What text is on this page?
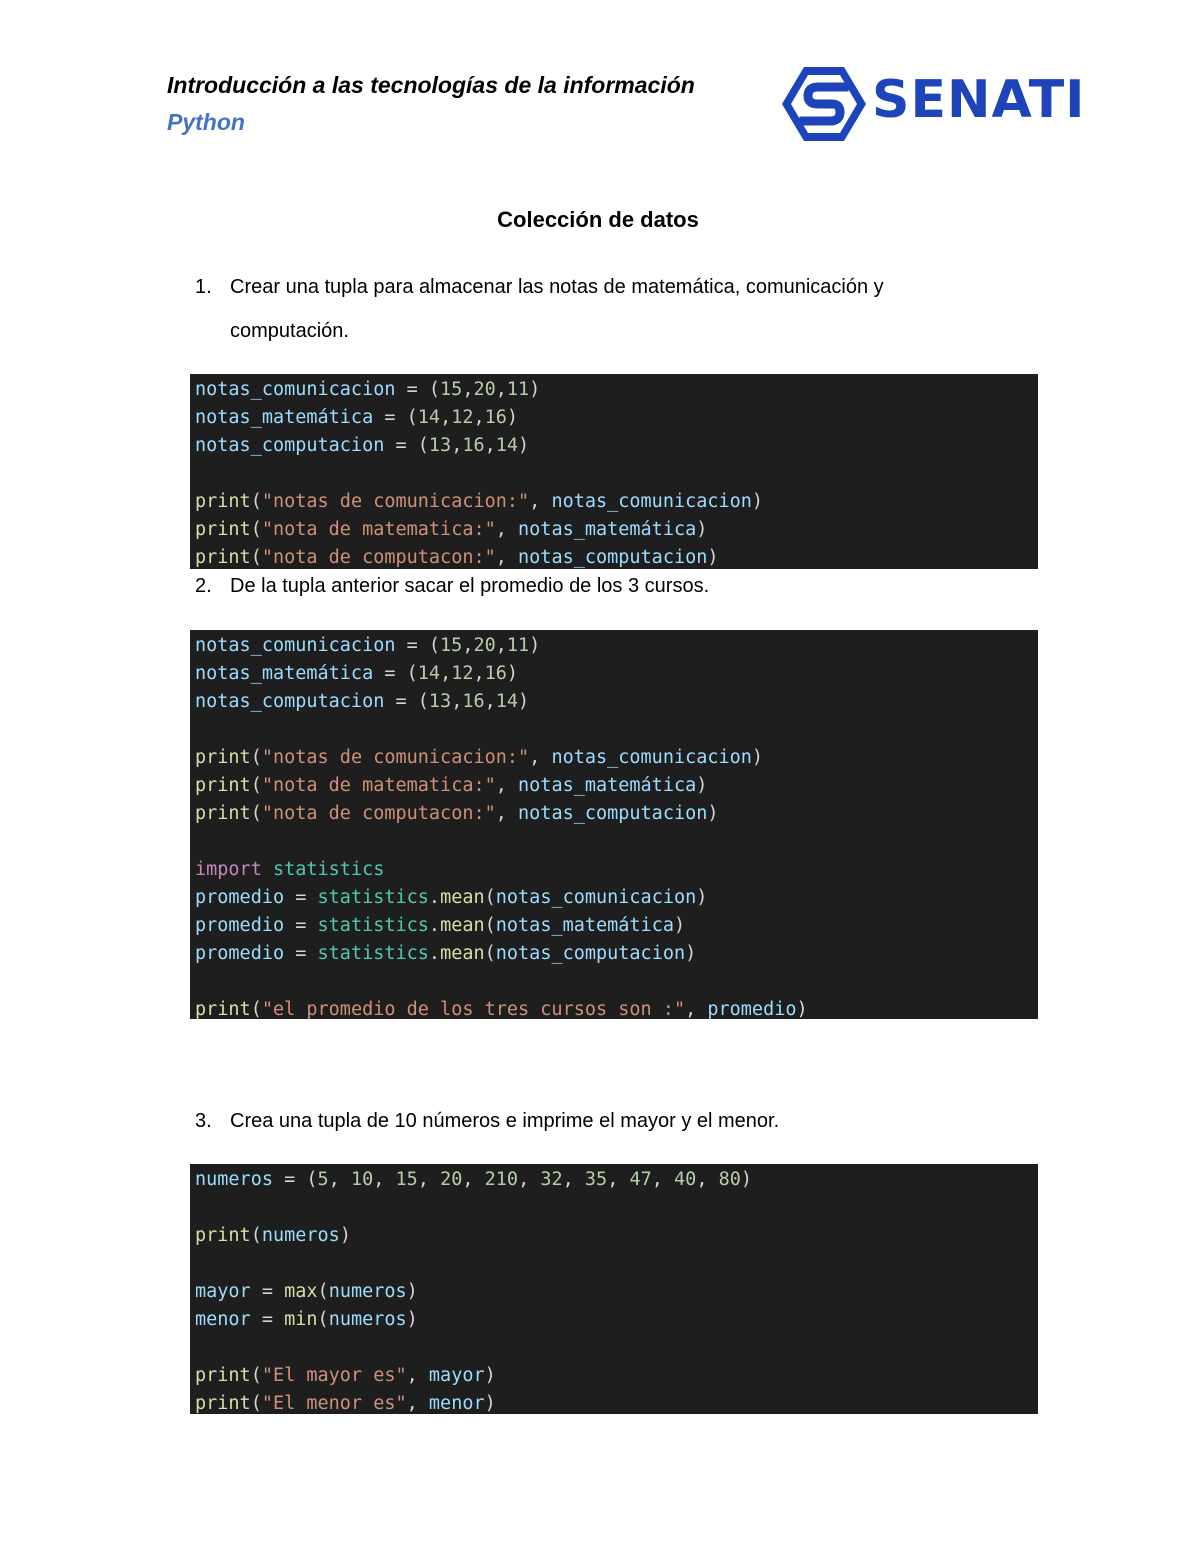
Introducción a las tecnologías de la información
Python	SENATI
Colección de datos
1. Crear una tupla para almacenar las notas de matemática, comunicación y computación.
notas_comunicacion = (15,20,11)
notas_matemática = (14,12,16)
notas_computacion = (13,16,14)
print("notas de comunicacion:", notas_comunicacion)
print("nota de matematica:", notas_matemática)
print("nota de computacon:", notas_computacion)
2. De la tupla anterior sacar el promedio de los 3 cursos.
notas_comunicacion = (15,20,11)
notas_matemática = (14,12,16)
notas_computacion = (13,16,14)
print("notas de comunicacion:", notas_comunicacion)
print("nota de matematica:", notas_matemática)
print("nota de computacon:", notas_computacion)
import statistics
promedio = statistics.mean(notas_comunicacion)
promedio = statistics.mean(notas_matemática)
promedio = statistics.mean(notas_computacion)
print("el promedio de los tres cursos son :", promedio)
3. Crea una tupla de 10 números e imprime el mayor y el menor.
numeros = (5, 10, 15, 20, 210, 32, 35, 47, 40, 80)
print(numeros)
mayor = max(numeros)
menor = min(numeros)
print("El mayor es", mayor)
print("El menor es", menor)
